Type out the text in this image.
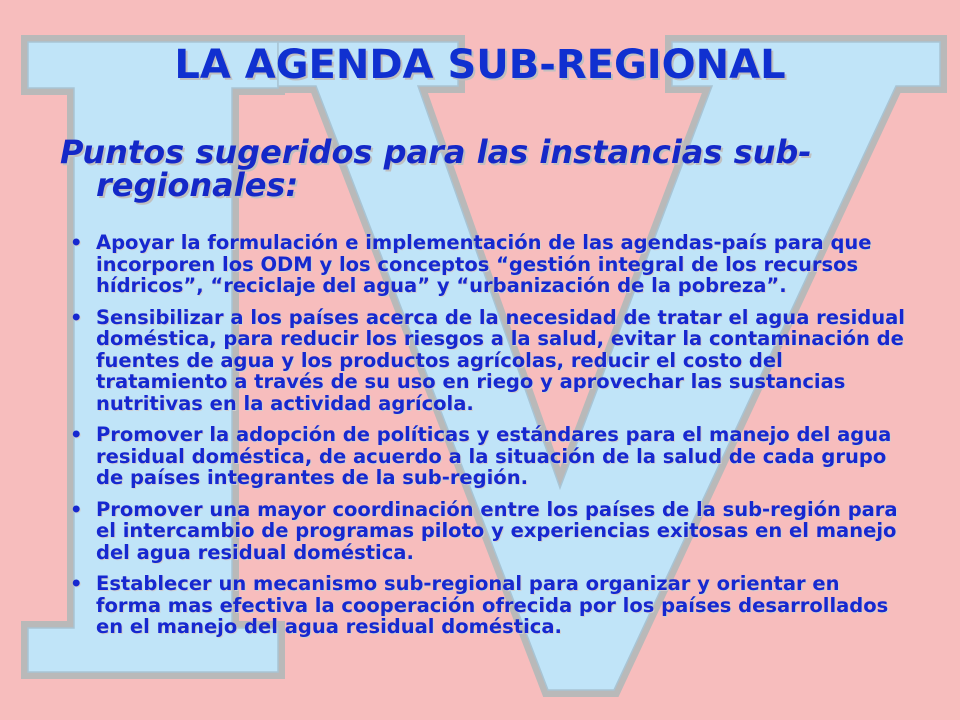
LA AGENDA SUB-REGIONAL
Puntos sugeridos para las instancias sub-regionales:
• Apoyar la formulación e implementación de las agendas-país para que incorporen los ODM y los conceptos “gestión integral de los recursos hídricos”, “reciclaje del agua” y “urbanización de la pobreza”.
• Sensibilizar a los países acerca de la necesidad de tratar el agua residual doméstica, para reducir los riesgos a la salud, evitar la contaminación de fuentes de agua y los productos agrícolas, reducir el costo del tratamiento a través de su uso en riego y aprovechar las sustancias nutritivas en la actividad agrícola.
• Promover la adopción de políticas y estándares para el manejo del agua residual doméstica, de acuerdo a la situación de la salud de cada grupo de países integrantes de la sub-región.
• Promover una mayor coordinación entre los países de la sub-región para el intercambio de programas piloto y experiencias exitosas en el manejo del agua residual doméstica.
• Establecer un mecanismo sub-regional para organizar y orientar en forma mas efectiva la cooperación ofrecida por los países desarrollados en el manejo del agua residual doméstica.
